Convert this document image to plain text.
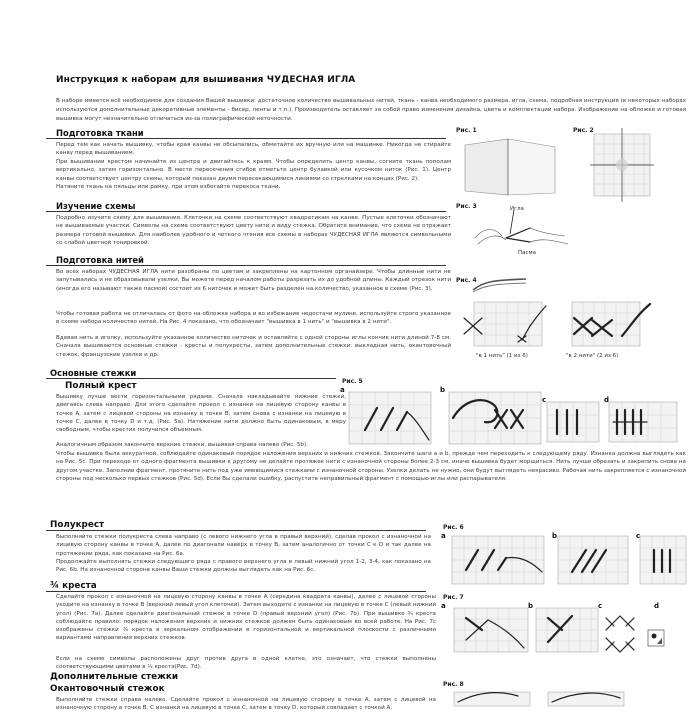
Инструкция к наборам для вышивания ЧУДЕСНАЯ ИГЛА
В наборе имеется всё необходимое для создания Вашей вышивки: достаточное количество вышивальных нитей, ткань - канва необходимого размера, игла, схема, подробная инструкция (в некоторых наборах используются дополнительные декоративные элементы - бисер, ленты и т.п.). Производитель оставляет за собой право изменения дизайна, цвета и комплектации набора. Изображение на обложке и готовая вышивка могут незначительно отличаться из-за полиграфической неточности.
Подготовка ткани
Перед тем как начать вышивку, чтобы края канвы не обсыпались, обметайте их вручную или на машинке. Никогда не стирайте канву перед вышиванием.
При вышивании крестом начинайте из центра и двигайтесь к краям. Чтобы определить центр канвы, согните ткань пополам вертикально, затем горизонтально. В месте пересечения сгибов отметьте центр булавкой или кусочком ниток (Рис. 1). Центр канвы соответствует центру схемы, который показан двумя пересекающимися линиями со стрелками на концах (Рис. 2).
Натяните ткань на пяльцы или рамку, при этом избегайте перекоса ткани.
Изучение схемы
Подробно изучите схему для вышивания. Клеточки на схеме соответствуют квадратикам на канве. Пустые клеточки обозначают не вышиваемые участки. Символы на схеме соответствуют цвету нити и виду стежка. Обратите внимание, что схема не отражает размера готовой вышивки. Для наиболее удобного и четкого чтения все схемы в наборах ЧУДЕСНАЯ ИГЛА являются символьными со слабой цветной тонировкой.
Подготовка нитей
Во всех наборах ЧУДЕСНАЯ ИГЛА нити разобраны по цветам и закреплены на картонном органайзере. Чтобы длинные нити не запутывались и не образовывали узелки, Вы можете перед началом работы разрезать их до удобной длины. Каждый отрезок нити (иногда его называют также пасмой) состоит из 6 ниточек и может быть разделен на количество, указанное в схеме (Рис. 3).
Чтобы готовая работа не отличалась от фото на обложке набора и во избежание недостачи мулине, используйте строго указанное в схеме набора количество нитей. На Рис. 4 показано, что обозначает "вышивка в 1 нить" и "вышивка в 2 нити".
Вдевая нить в иголку, используйте указанное количество ниточек и оставляйте с одной стороны иглы кончик нити длиной 7-8 см. Сначала вышиваются основные стежки - кресты и полукресты, затем дополнительные стежки: выкладная нить, окантовочный стежок, французские узелки и др.
Основные стежки
Полный крест
Вышивку лучше вести горизонтальными рядами. Сначала накладывайте нижние стежки, двигаясь слева направо. Для этого сделайте прокол с изнанки на лицевую сторону канвы в точке А, затем с лицевой стороны на изнанку в точке В; затем снова с изнанки на лицевую в точке С, далее в точку D и т.д. (Рис. 5а). Натяжение нити должно быть одинаковым, в меру свободным, чтобы крестик получился объемным.
Аналогичным образом закончите верхние стежки, вышивая справа налево (Рис. 5b).
Чтобы вышивка была аккуратной, соблюдайте одинаковый порядок наложения верхних и нижних стежков. Закончите шаги а и b, прежде чем переходить к следующему ряду. Изнанка должна выглядеть как на Рис. 5с. При переходе от одного фрагмента вышивки к другому не делайте протяжек нити с изнаночной стороны более 2-3 см, иначе вышивка будет морщиться. Нить лучше обрезать и закрепить снова на другом участке. Заполнив фрагмент, протяните нить под уже имеющимися стежками с изнаночной стороны. Узелки делать не нужно, они будут выглядеть некрасиво. Рабочая нить закрепляется с изнаночной стороны под несколько первых стежков (Рис. 5d). Если Вы сделали ошибку, распустите неправильный фрагмент с помощью иглы или распарывателя.
Полукрест
Выполняйте стежки полукреста слева направо (с левого нижнего угла в правый верхний), сделав прокол с изнаночной на лицевую сторону канвы в точке А, далее по диагонали наверх в точку В, затем аналогично от точки С к D и так далее на протяжении ряда, как показано на Рис. 6а.
Продолжайте выполнять стежки следующего ряда с правого верхнего угла в левый нижний угол 1-2, 3-4, как показано на Рис. 6b. На изнаночной стороне канвы Ваши стежки должны выглядеть как на Рис. 6с.
¾ креста
Сделайте прокол с изнаночной на лицевую сторону канвы в точке А (середина квадрата канвы), далее с лицевой стороны уходите на изнанку в точке В (верхний левый угол клеточки). Затем выходите с изнанки на лицевую в точке С (левый нижний угол) (Рис. 7а). Далее сделайте диагональный стежок в точке D (правый верхний угол) (Рис. 7b). При вышивке ¾ креста соблюдайте правило: порядок наложения верхних и нижних стежков должен быть одинаковым во всей работе. На Рис. 7с изображены стежки ¾ креста в зеркальном отображении в горизонтальной и вертикальной плоскости с различными вариантами направления верхних стежков.
Если на схеме символы расположены друг против друга в одной клетке, это означает, что стежки выполнены соответствующими цветами в ¾ креста(Рис. 7d).
Дополнительные стежки
Окантовочный стежок
Выполняйте стежки справа налево. Сделайте прокол с изнаночной на лицевую сторону в точке А, затем с лицевой на изнаночную сторону в точке В. С изнанки на лицевую в точке С, затем в точку D, который совпадает с точкой А.
Рис. 1	Рис. 2
Рис. 3	Игла
Пасма
Рис. 4
"в 1 нить" (1 из 6)	"в 2 нити" (2 из 6)
Рис. 5
а	b
c	d
Рис. 6
а	b	c
Рис. 7
а	b	c	d
Рис. 8
